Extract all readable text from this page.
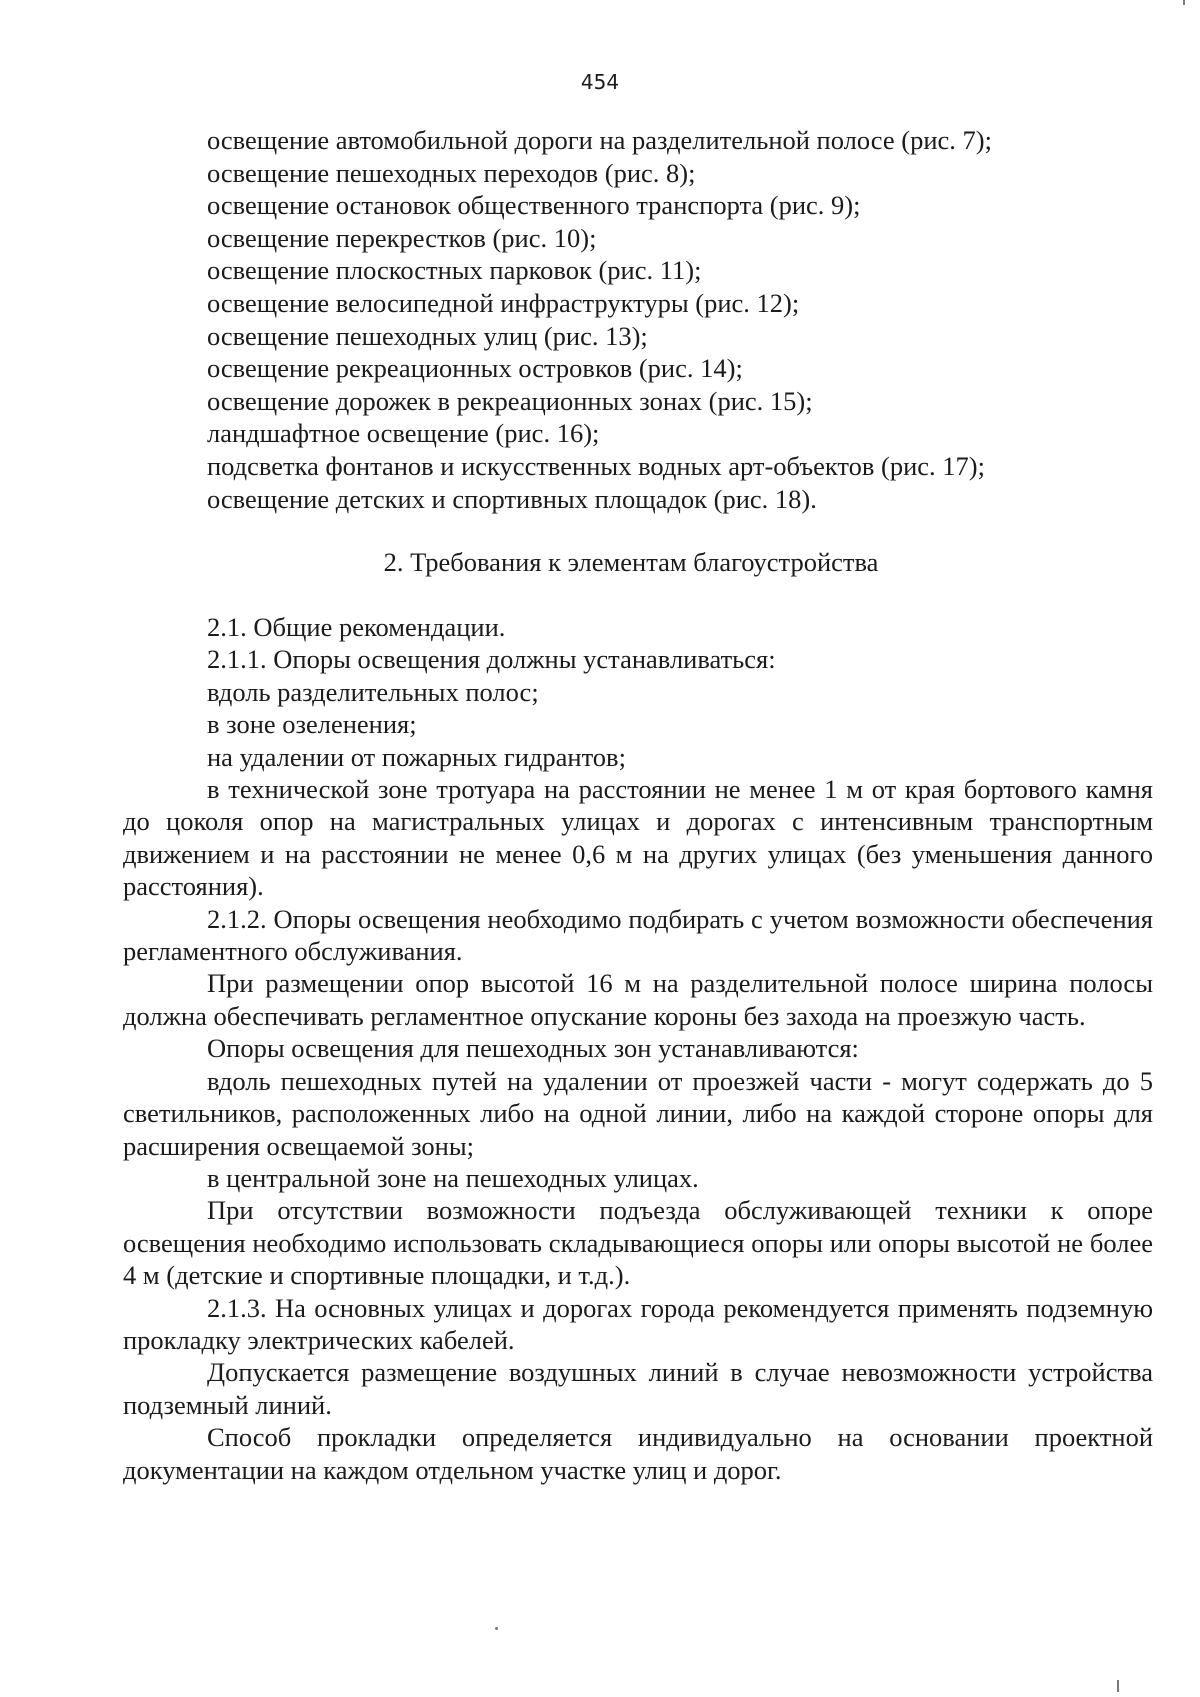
454
освещение автомобильной дороги на разделительной полосе (рис. 7);
освещение пешеходных переходов (рис. 8);
освещение остановок общественного транспорта (рис. 9);
освещение перекрестков (рис. 10);
освещение плоскостных парковок (рис. 11);
освещение велосипедной инфраструктуры (рис. 12);
освещение пешеходных улиц (рис. 13);
освещение рекреационных островков (рис. 14);
освещение дорожек в рекреационных зонах (рис. 15);
ландшафтное освещение (рис. 16);
подсветка фонтанов и искусственных водных арт-объектов (рис. 17);
освещение детских и спортивных площадок (рис. 18).
2. Требования к элементам благоустройства

2.1. Общие рекомендации.

2.1.1. Опоры освещения должны устанавливаться:

вдоль разделительных полос;

в зоне озеленения;

на удалении от пожарных гидрантов;

в технической зоне тротуара на расстоянии не менее 1 м от края бортового камня до цоколя опор на магистральных улицах и дорогах с интенсивным транспортным движением и на расстоянии не менее 0,6 м на других улицах (без уменьшения данного расстояния).

2.1.2. Опоры освещения необходимо подбирать с учетом возможности обеспечения регламентного обслуживания.

При размещении опор высотой 16 м на разделительной полосе ширина полосы должна обеспечивать регламентное опускание короны без захода на проезжую часть.

Опоры освещения для пешеходных зон устанавливаются:

вдоль пешеходных путей на удалении от проезжей части - могут содержать до 5 светильников, расположенных либо на одной линии, либо на каждой стороне опоры для расширения освещаемой зоны;

в центральной зоне на пешеходных улицах.

При отсутствии возможности подъезда обслуживающей техники к опоре освещения необходимо использовать складывающиеся опоры или опоры высотой не более 4 м (детские и спортивные площадки, и т.д.).

2.1.3. На основных улицах и дорогах города рекомендуется применять подземную прокладку электрических кабелей.

Допускается размещение воздушных линий в случае невозможности устройства подземный линий.

Способ прокладки определяется индивидуально на основании проектной документации на каждом отдельном участке улиц и дорог.
